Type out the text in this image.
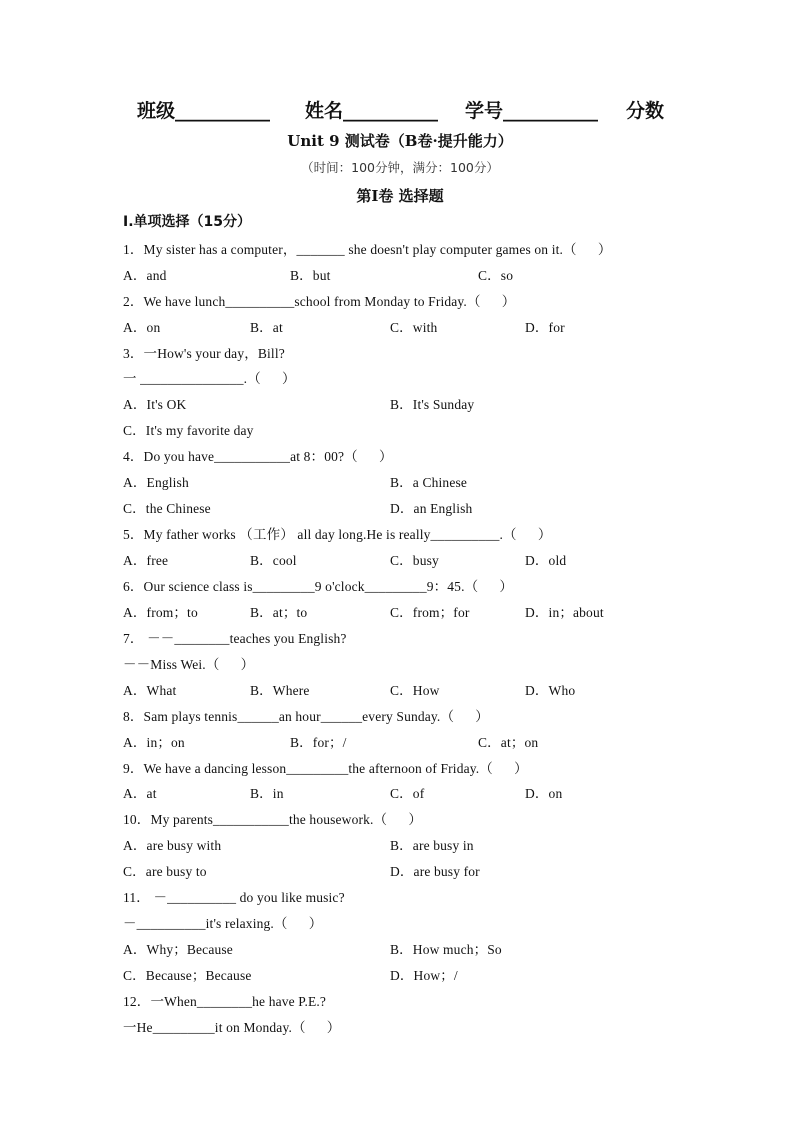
班级__________ 姓名__________ 学号__________ 分数
Unit 9 测试卷（B卷·提升能力）
（时间：100分钟，满分：100分）
第Ⅰ卷 选择题
Ⅰ.单项选择（15分）
1．My sister has a computer，_______ she doesn't play computer games on it.（      ）
A．and	B．but	C．so
2．We have lunch__________school from Monday to Friday.（      ）
A．on	B．at	C．with	D．for
3．一How's your day，Bill?
一 _______________.（      ）
A．It's OK	B．It's Sunday
C．It's my favorite day
4．Do you have___________at 8：00?（      ）
A．English	B．a Chinese
C．the Chinese	D．an English
5．My father works （工作） all day long.He is really__________.（      ）
A．free	B．cool	C．busy	D．old
6．Our science class is_________9 o'clock_________9：45.（      ）
A．from；to	B．at；to	C．from；for	D．in；about
7． －－________teaches you English?
－－Miss Wei.（      ）
A．What	B．Where	C．How	D．Who
8．Sam plays tennis______an hour______every Sunday.（      ）
A．in；on	B．for；/	C．at；on
9．We have a dancing lesson_________the afternoon of Friday.（      ）
A．at	B．in	C．of	D．on
10．My parents___________the housework.（      ）
A．are busy with	B．are busy in
C．are busy to	D．are busy for
11． －__________ do you like music?
－__________it's relaxing.（      ）
A．Why；Because	B．How much；So
C．Because；Because	D．How；/
12．一When________he have P.E.?
一He_________it on Monday.（      ）
